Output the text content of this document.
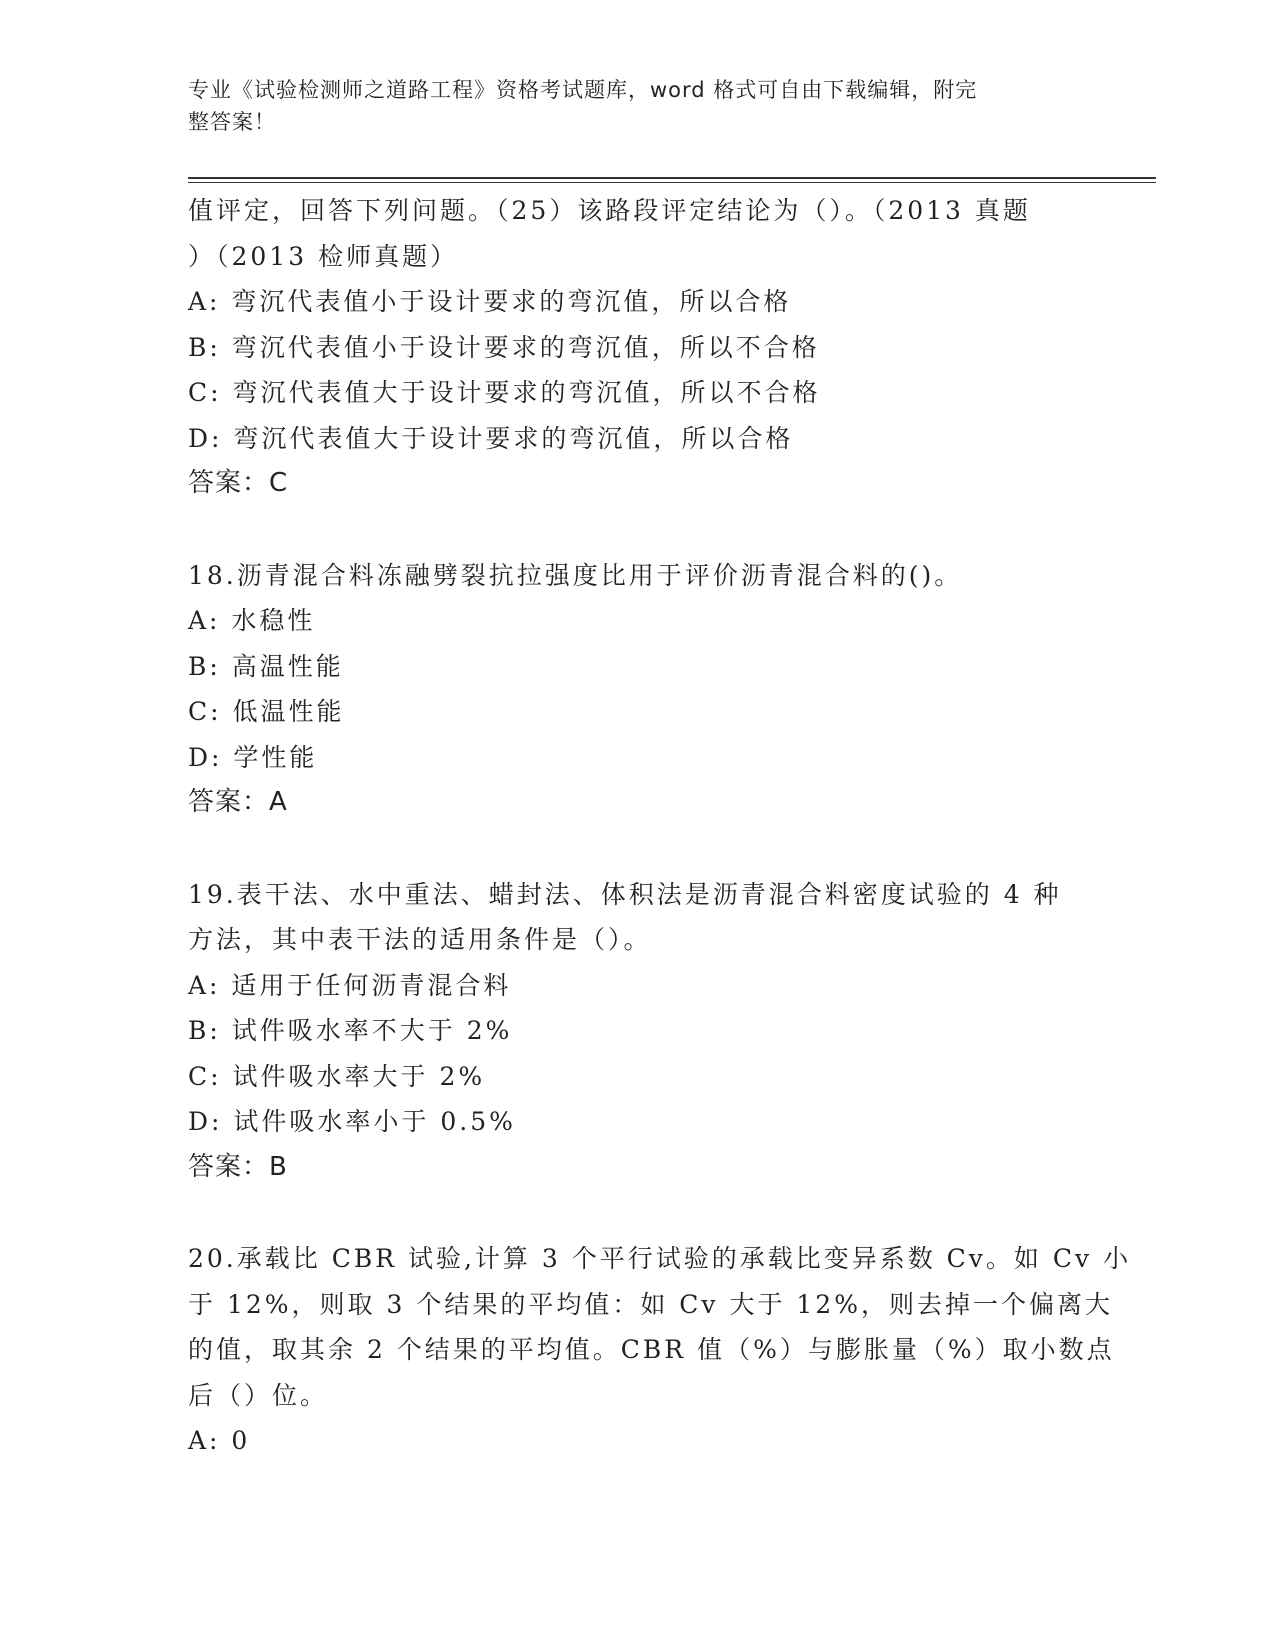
专业《试验检测师之道路工程》资格考试题库，word 格式可自由下载编辑，附完
整答案！
值评定，回答下列问题。（25）该路段评定结论为（）。（2013 真题
）（2013 检师真题）
A: 弯沉代表值小于设计要求的弯沉值，所以合格
B: 弯沉代表值小于设计要求的弯沉值，所以不合格
C: 弯沉代表值大于设计要求的弯沉值，所以不合格
D: 弯沉代表值大于设计要求的弯沉值，所以合格
答案：C
18.沥青混合料冻融劈裂抗拉强度比用于评价沥青混合料的()。
A: 水稳性
B: 高温性能
C: 低温性能
D: 学性能
答案：A
19.表干法、水中重法、蜡封法、体积法是沥青混合料密度试验的 4 种
方法，其中表干法的适用条件是（）。
A: 适用于任何沥青混合料
B: 试件吸水率不大于 2%
C: 试件吸水率大于 2%
D: 试件吸水率小于 0.5%
答案：B
20.承载比 CBR 试验,计算 3 个平行试验的承载比变异系数 Cv。如 Cv 小
于 12%，则取 3 个结果的平均值：如 Cv 大于 12%，则去掉一个偏离大
的值，取其余 2 个结果的平均值。CBR 值（%）与膨胀量（%）取小数点
后（）位。
A: 0
